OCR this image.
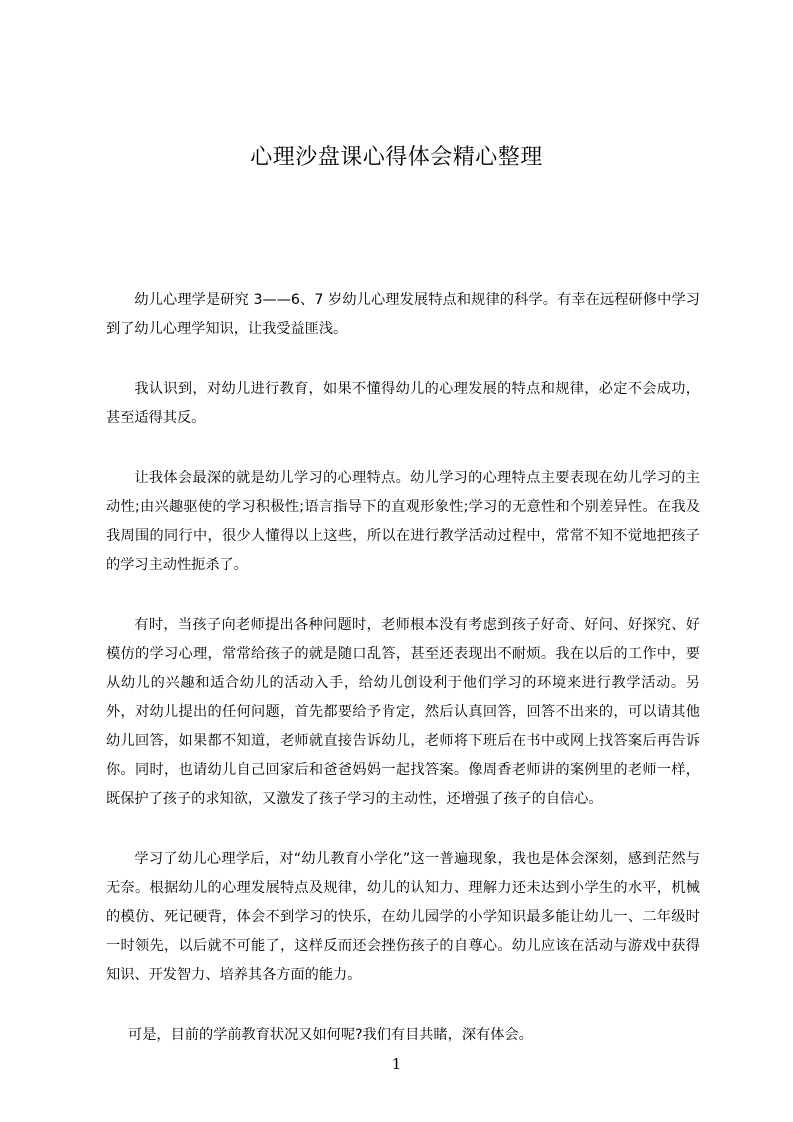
心理沙盘课心得体会精心整理

幼儿心理学是研究 3——6、7 岁幼儿心理发展特点和规律的科学。有幸在远程研修中学习到了幼儿心理学知识，让我受益匪浅。

我认识到，对幼儿进行教育，如果不懂得幼儿的心理发展的特点和规律，必定不会成功，甚至适得其反。

让我体会最深的就是幼儿学习的心理特点。幼儿学习的心理特点主要表现在幼儿学习的主动性;由兴趣驱使的学习积极性;语言指导下的直观形象性;学习的无意性和个别差异性。在我及我周围的同行中，很少人懂得以上这些，所以在进行教学活动过程中，常常不知不觉地把孩子的学习主动性扼杀了。

有时，当孩子向老师提出各种问题时，老师根本没有考虑到孩子好奇、好问、好探究、好模仿的学习心理，常常给孩子的就是随口乱答，甚至还表现出不耐烦。我在以后的工作中，要从幼儿的兴趣和适合幼儿的活动入手，给幼儿创设利于他们学习的环境来进行教学活动。另外，对幼儿提出的任何问题，首先都要给予肯定，然后认真回答，回答不出来的，可以请其他幼儿回答，如果都不知道，老师就直接告诉幼儿，老师将下班后在书中或网上找答案后再告诉你。同时，也请幼儿自己回家后和爸爸妈妈一起找答案。像周香老师讲的案例里的老师一样，既保护了孩子的求知欲，又激发了孩子学习的主动性，还增强了孩子的自信心。

学习了幼儿心理学后，对“幼儿教育小学化”这一普遍现象，我也是体会深刻，感到茫然与无奈。根据幼儿的心理发展特点及规律，幼儿的认知力、理解力还未达到小学生的水平，机械的模仿、死记硬背，体会不到学习的快乐，在幼儿园学的小学知识最多能让幼儿一、二年级时一时领先，以后就不可能了，这样反而还会挫伤孩子的自尊心。幼儿应该在活动与游戏中获得知识、开发智力、培养其各方面的能力。

可是，目前的学前教育状况又如何呢?我们有目共睹，深有体会。

1
